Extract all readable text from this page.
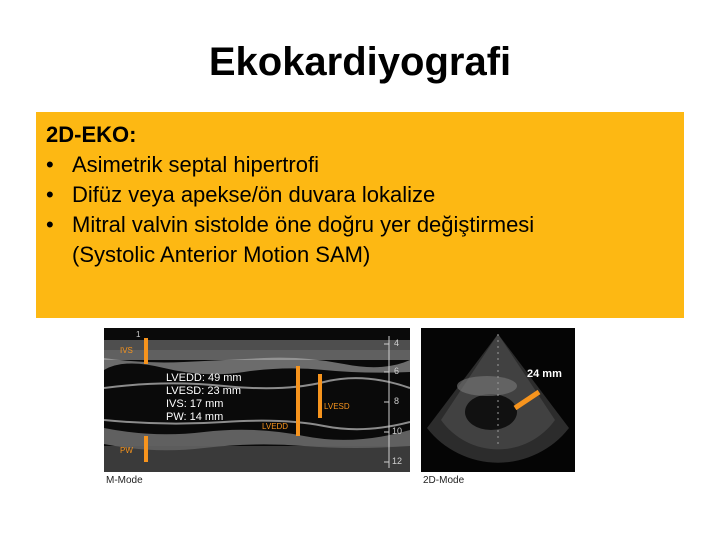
Ekokardiyografi
2D-EKO:
• Asimetrik septal hipertrofi
• Difüz veya apekse/ön duvara lokalize
• Mitral valvin sistolde öne doğru yer değiştirmesi
(Systolic Anterior Motion SAM)
IVS
PW
1
LVESD
LVEDD
LVEDD: 49 mm
LVESD: 23 mm
IVS: 17 mm
PW: 14 mm
4
6
8
10
12
M-Mode
24 mm
2D-Mode
